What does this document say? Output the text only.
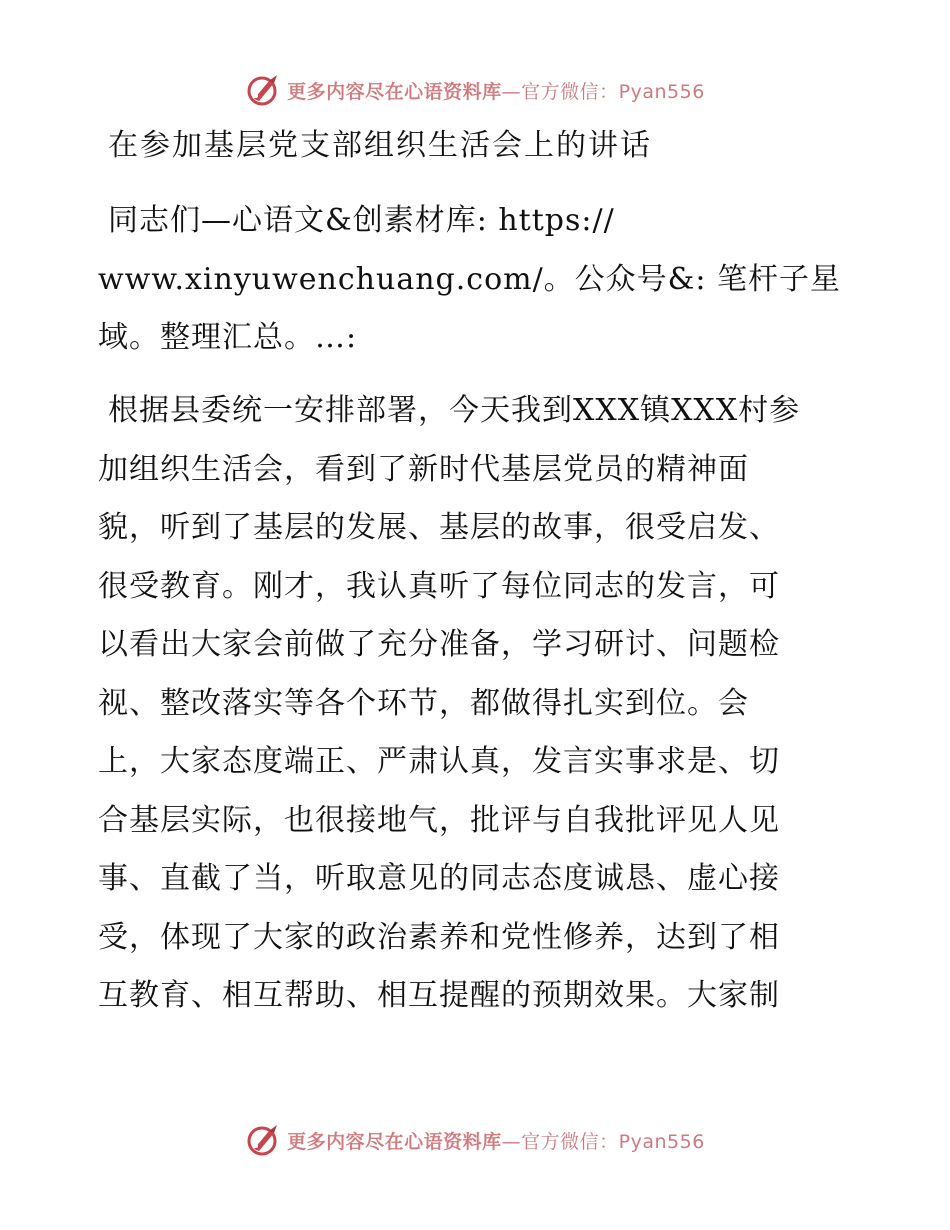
更多内容尽在心语资料库—官方微信：Pyan556
在参加基层党支部组织生活会上的讲话
同志们—心语文&创素材库: https://
www.xinyuwenchuang.com/。公众号&: 笔杆子星
域。整理汇总。…:
根据县委统一安排部署，今天我到XXX镇XXX村参
加组织生活会，看到了新时代基层党员的精神面
貌，听到了基层的发展、基层的故事，很受启发、
很受教育。刚才，我认真听了每位同志的发言，可
以看出大家会前做了充分准备，学习研讨、问题检
视、整改落实等各个环节，都做得扎实到位。会
上，大家态度端正、严肃认真，发言实事求是、切
合基层实际，也很接地气，批评与自我批评见人见
事、直截了当，听取意见的同志态度诚恳、虚心接
受，体现了大家的政治素养和党性修养，达到了相
互教育、相互帮助、相互提醒的预期效果。大家制
更多内容尽在心语资料库—官方微信：Pyan556
